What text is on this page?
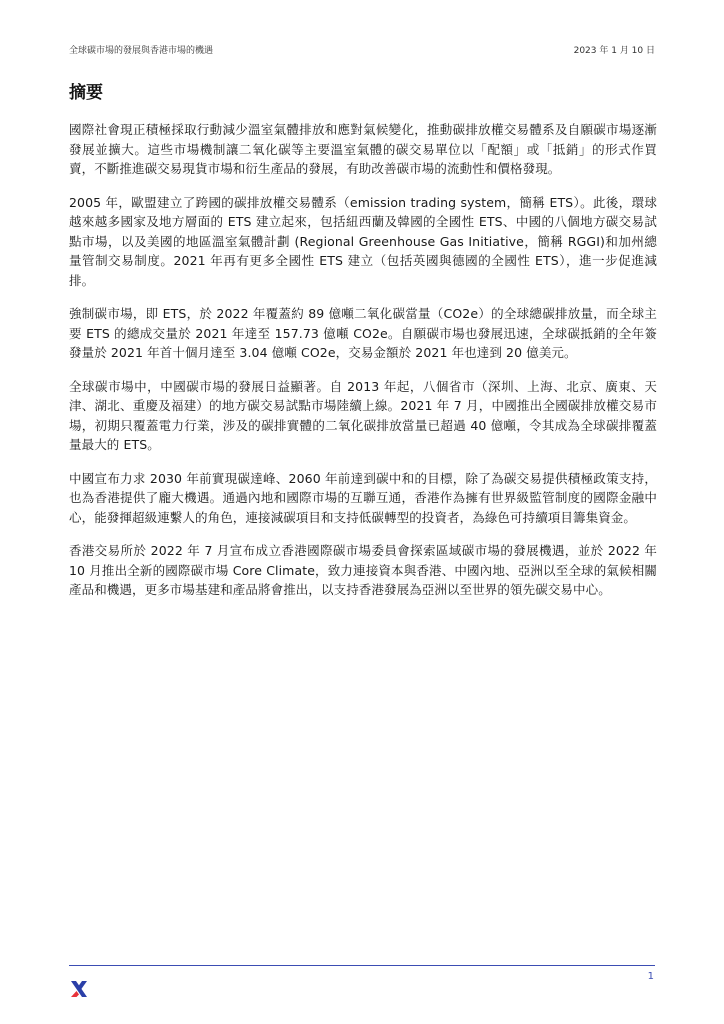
全球碳市場的發展與香港市場的機遇	2023 年 1 月 10 日
摘要

國際社會現正積極採取行動減少溫室氣體排放和應對氣候變化，推動碳排放權交易體系及自願碳市場逐漸發展並擴大。這些市場機制讓二氧化碳等主要溫室氣體的碳交易單位以「配額」或「抵銷」的形式作買賣，不斷推進碳交易現貨市場和衍生產品的發展，有助改善碳市場的流動性和價格發現。

2005 年，歐盟建立了跨國的碳排放權交易體系（emission trading system，簡稱 ETS）。此後，環球越來越多國家及地方層面的 ETS 建立起來，包括紐西蘭及韓國的全國性 ETS、中國的八個地方碳交易試點市場，以及美國的地區溫室氣體計劃 (Regional Greenhouse Gas Initiative，簡稱 RGGI)和加州總量管制交易制度。2021 年再有更多全國性 ETS 建立（包括英國與德國的全國性 ETS），進一步促進減排。

強制碳市場，即 ETS，於 2022 年覆蓋約 89 億噸二氧化碳當量（CO2e）的全球總碳排放量，而全球主要 ETS 的總成交量於 2021 年達至 157.73 億噸 CO2e。自願碳市場也發展迅速，全球碳抵銷的全年簽發量於 2021 年首十個月達至 3.04 億噸 CO2e，交易金額於 2021 年也達到 20 億美元。

全球碳市場中，中國碳市場的發展日益顯著。自 2013 年起，八個省市（深圳、上海、北京、廣東、天津、湖北、重慶及福建）的地方碳交易試點市場陸續上線。2021 年 7 月，中國推出全國碳排放權交易市場，初期只覆蓋電力行業，涉及的碳排實體的二氧化碳排放當量已超過 40 億噸，令其成為全球碳排覆蓋量最大的 ETS。

中國宣布力求 2030 年前實現碳達峰、2060 年前達到碳中和的目標，除了為碳交易提供積極政策支持，也為香港提供了龐大機遇。通過內地和國際市場的互聯互通，香港作為擁有世界級監管制度的國際金融中心，能發揮超級連繫人的角色，連接減碳項目和支持低碳轉型的投資者，為綠色可持續項目籌集資金。

香港交易所於 2022 年 7 月宣布成立香港國際碳市場委員會探索區域碳市場的發展機遇，並於 2022 年 10 月推出全新的國際碳市場 Core Climate，致力連接資本與香港、中國內地、亞洲以至全球的氣候相關產品和機遇，更多市場基建和產品將會推出，以支持香港發展為亞洲以至世界的領先碳交易中心。

1
